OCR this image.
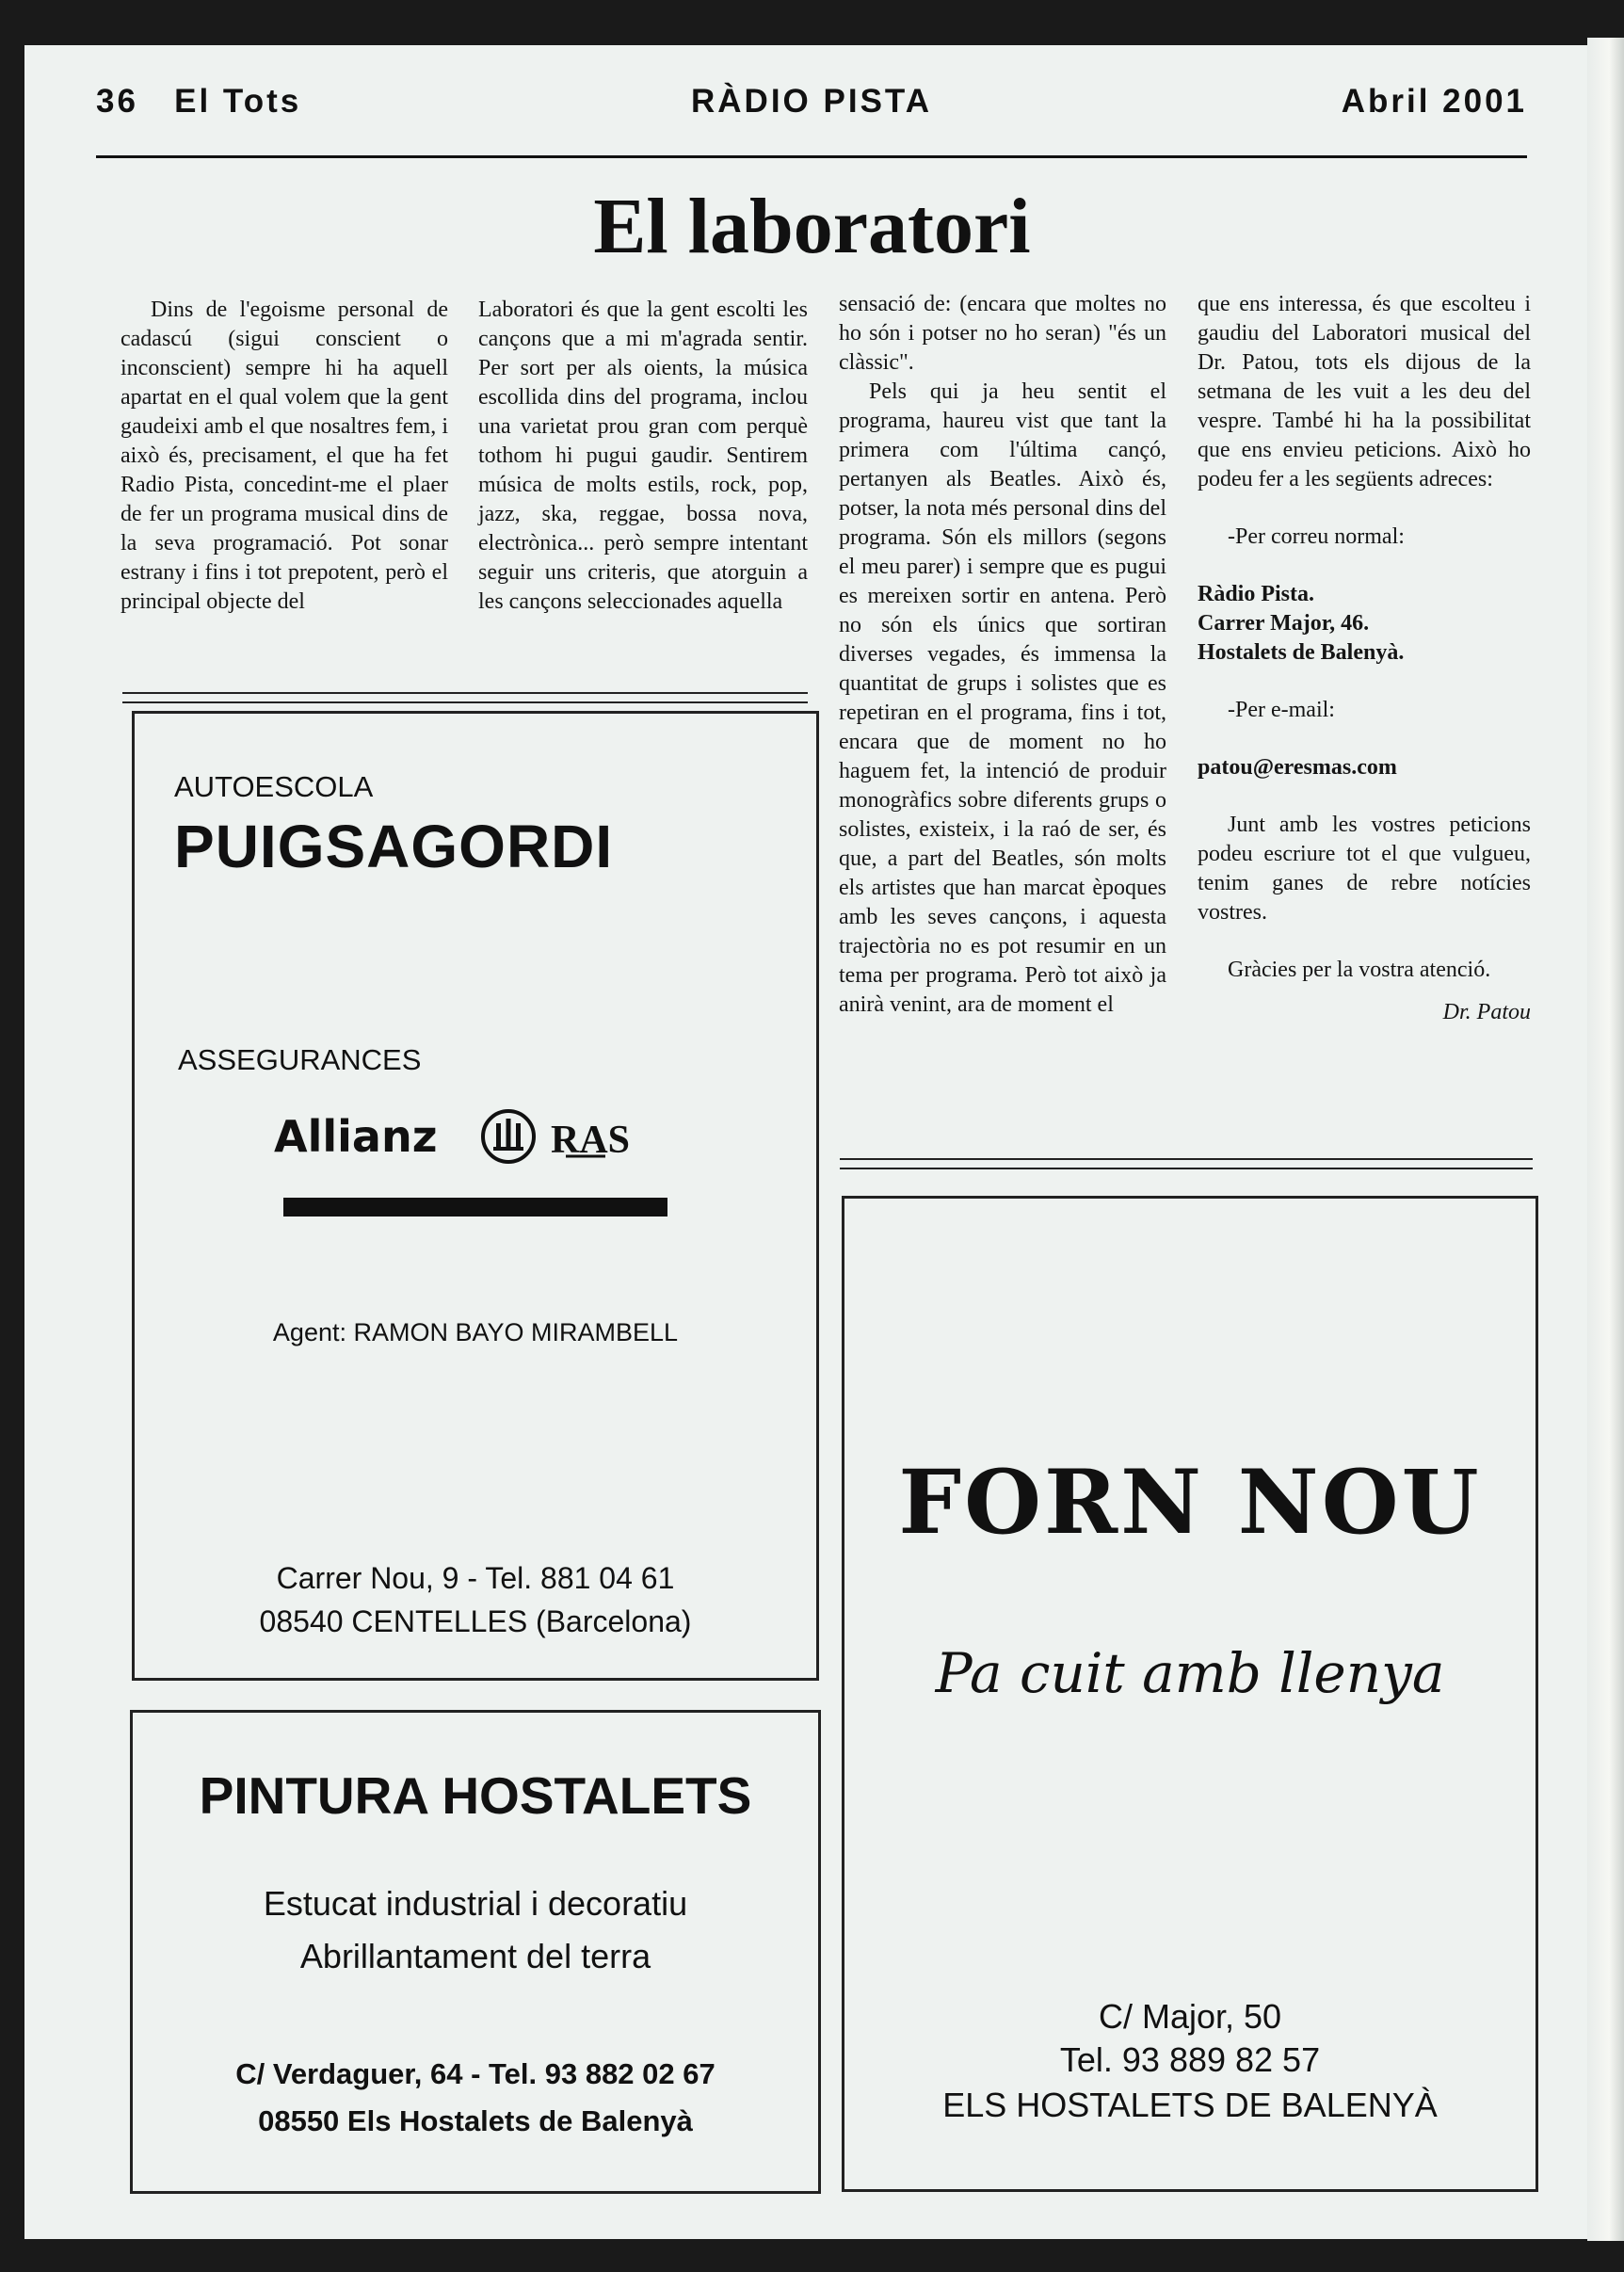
36 El Tots	RÀDIO PISTA	Abril 2001
El laboratori

Dins de l'egoisme personal de cadascú (sigui conscient o inconscient) sempre hi ha aquell apartat en el qual volem que la gent gaudeixi amb el que nosaltres fem, i això és, precisament, el que ha fet Radio Pista, concedint-me el plaer de fer un programa musical dins de la seva programació. Pot sonar estrany i fins i tot prepotent, però el principal objecte del

Laboratori és que la gent escolti les cançons que a mi m'agrada sentir. Per sort per als oients, la música escollida dins del programa, inclou una varietat prou gran com perquè tothom hi pugui gaudir. Sentirem música de molts estils, rock, pop, jazz, ska, reggae, bossa nova, electrònica... però sempre intentant seguir uns criteris, que atorguin a les cançons seleccionades aquella

sensació de: (encara que moltes no ho són i potser no ho seran) "és un clàssic".

Pels qui ja heu sentit el programa, haureu vist que tant la primera com l'última cançó, pertanyen als Beatles. Això és, potser, la nota més personal dins del programa. Són els millors (segons el meu parer) i sempre que es pugui es mereixen sortir en antena. Però no són els únics que sortiran diverses vegades, és immensa la quantitat de grups i solistes que es repetiran en el programa, fins i tot, encara que de moment no ho haguem fet, la intenció de produir monogràfics sobre diferents grups o solistes, existeix, i la raó de ser, és que, a part del Beatles, són molts els artistes que han marcat èpoques amb les seves cançons, i aquesta trajectòria no es pot resumir en un tema per programa. Però tot això ja anirà venint, ara de moment el

que ens interessa, és que escolteu i gaudiu del Laboratori musical del Dr. Patou, tots els dijous de la setmana de les vuit a les deu del vespre. També hi ha la possibilitat que ens envieu peticions. Això ho podeu fer a les següents adreces:

-Per correu normal:

Ràdio Pista.

Carrer Major, 46.

Hostalets de Balenyà.

-Per e-mail:

patou@eresmas.com

Junt amb les vostres peticions podeu escriure tot el que vulgueu, tenim ganes de rebre notícies vostres.

Gràcies per la vostra atenció.

Dr. Patou

AUTOESCOLA
PUIGSAGORDI
ASSEGURANCES
Allianz	RAS
Agent: RAMON BAYO MIRAMBELL
Carrer Nou, 9 - Tel. 881 04 61
08540 CENTELLES (Barcelona)
PINTURA HOSTALETS
Estucat industrial i decoratiu
Abrillantament del terra
C/ Verdaguer, 64 - Tel. 93 882 02 67
08550 Els Hostalets de Balenyà
FORN NOU
Pa cuit amb llenya
C/ Major, 50
Tel. 93 889 82 57
ELS HOSTALETS DE BALENYÀ
